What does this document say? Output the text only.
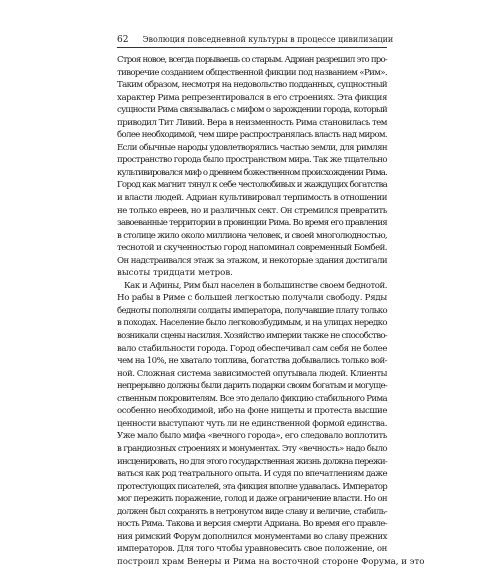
62 Эволюция повседневной культуры в процессе цивилизации
Строя новое, всегда порываешь со старым. Адриан разрешил это про-
тиворечие созданием общественной фикции под названием «Рим».
Таким образом, несмотря на недовольство подданных, сущностный
характер Рима репрезентировался в его строениях. Эта фикция
сущности Рима связывалась с мифом о зарождении города, который
приводил Тит Ливий. Вера в неизменность Рима становилась тем
более необходимой, чем шире распространялась власть над миром.
Если обычные народы удовлетворялись частью земли, для римлян
пространство города было пространством мира. Так же тщательно
культивировался миф о древнем божественном происхождении Рима.
Город как магнит тянул к себе честолюбивых и жаждущих богатства
и власти людей. Адриан культивировал терпимость в отношении
не только евреев, но и различных сект. Он стремился превратить
завоеванные территории в провинции Рима. Во время его правления
в столице жило около миллиона человек, и своей многолюдностью,
теснотой и скученностью город напоминал современный Бомбей.
Он надстраивался этаж за этажом, и некоторые здания достигали
высоты тридцати метров.
Как и Афины, Рим был населен в большинстве своем беднотой.
Но рабы в Риме с большей легкостью получали свободу. Ряды
бедноты пополняли солдаты императора, получавшие плату только
в походах. Население было легковозбудимым, и на улицах нередко
возникали сцены насилия. Хозяйство империи также не способство-
вало стабильности города. Город обеспечивал сам себя не более
чем на 10%, не хватало топлива, богатства добывались только вой-
ной. Сложная система зависимостей опутывала людей. Клиенты
непрерывно должны были дарить подарки своим богатым и могуще-
ственным покровителям. Все это делало фикцию стабильного Рима
особенно необходимой, ибо на фоне нищеты и протеста высшие
ценности выступают чуть ли не единственной формой единства.
Уже мало было мифа «вечного города», его следовало воплотить
в грандиозных строениях и монументах. Эту «вечность» надо было
инсценировать, но для этого государственная жизнь должна пережи-
ваться как род театрального опыта. И судя по впечатлениям даже
протестующих писателей, эта фикция вполне удавалась. Император
мог пережить поражение, голод и даже ограничение власти. Но он
должен был сохранять в нетронутом виде славу и величие, стабиль-
ность Рима. Такова и версия смерти Адриана. Во время его правле-
ния римский Форум дополнился монументами во славу прежних
императоров. Для того чтобы уравновесить свое положение, он
построил храм Венеры и Рима на восточной стороне Форума, и это
